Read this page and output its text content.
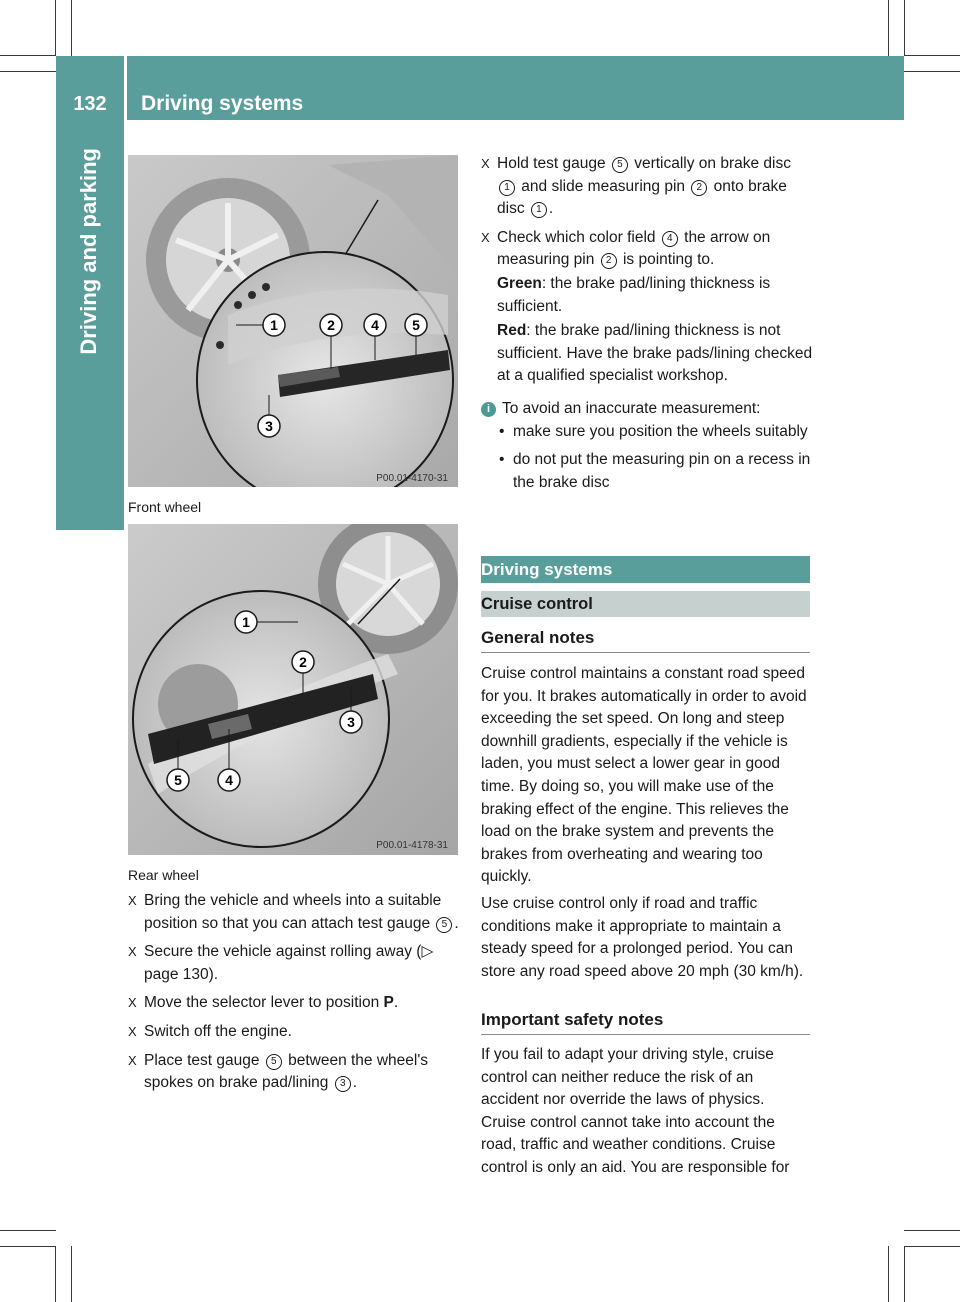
132	Driving systems
Driving and parking	1	2	4 5
3
P00.01-4170-31
Front wheel
1
2
3
5	4
P00.01-4178-31
Rear wheel
X Bring the vehicle and wheels into a suitable position so that you can attach test gauge 5 .
X Secure the vehicle against rolling away (▷ page 130).
X Move the selector lever to position P.
X Switch off the engine.
X Place test gauge 5 between the wheel's spokes on brake pad/lining 3 .
X Hold test gauge 5 vertically on brake disc 1 and slide measuring pin 2 onto brake disc 1 .
X Check which color field 4 the arrow on measuring pin 2 is pointing to.
Green: the brake pad/lining thickness is sufficient.
Red: the brake pad/lining thickness is not sufficient. Have the brake pads/lining checked at a qualified specialist workshop.
i To avoid an inaccurate measurement:
• make sure you position the wheels suitably
• do not put the measuring pin on a recess in the brake disc
Driving systems
Cruise control
General notes

Cruise control maintains a constant road speed for you. It brakes automatically in order to avoid exceeding the set speed. On long and steep downhill gradients, especially if the vehicle is laden, you must select a lower gear in good time. By doing so, you will make use of the braking effect of the engine. This relieves the load on the brake system and prevents the brakes from overheating and wearing too quickly.

Use cruise control only if road and traffic conditions make it appropriate to maintain a steady speed for a prolonged period. You can store any road speed above 20 mph (30 km/h).

Important safety notes

If you fail to adapt your driving style, cruise control can neither reduce the risk of an accident nor override the laws of physics. Cruise control cannot take into account the road, traffic and weather conditions. Cruise control is only an aid. You are responsible for
